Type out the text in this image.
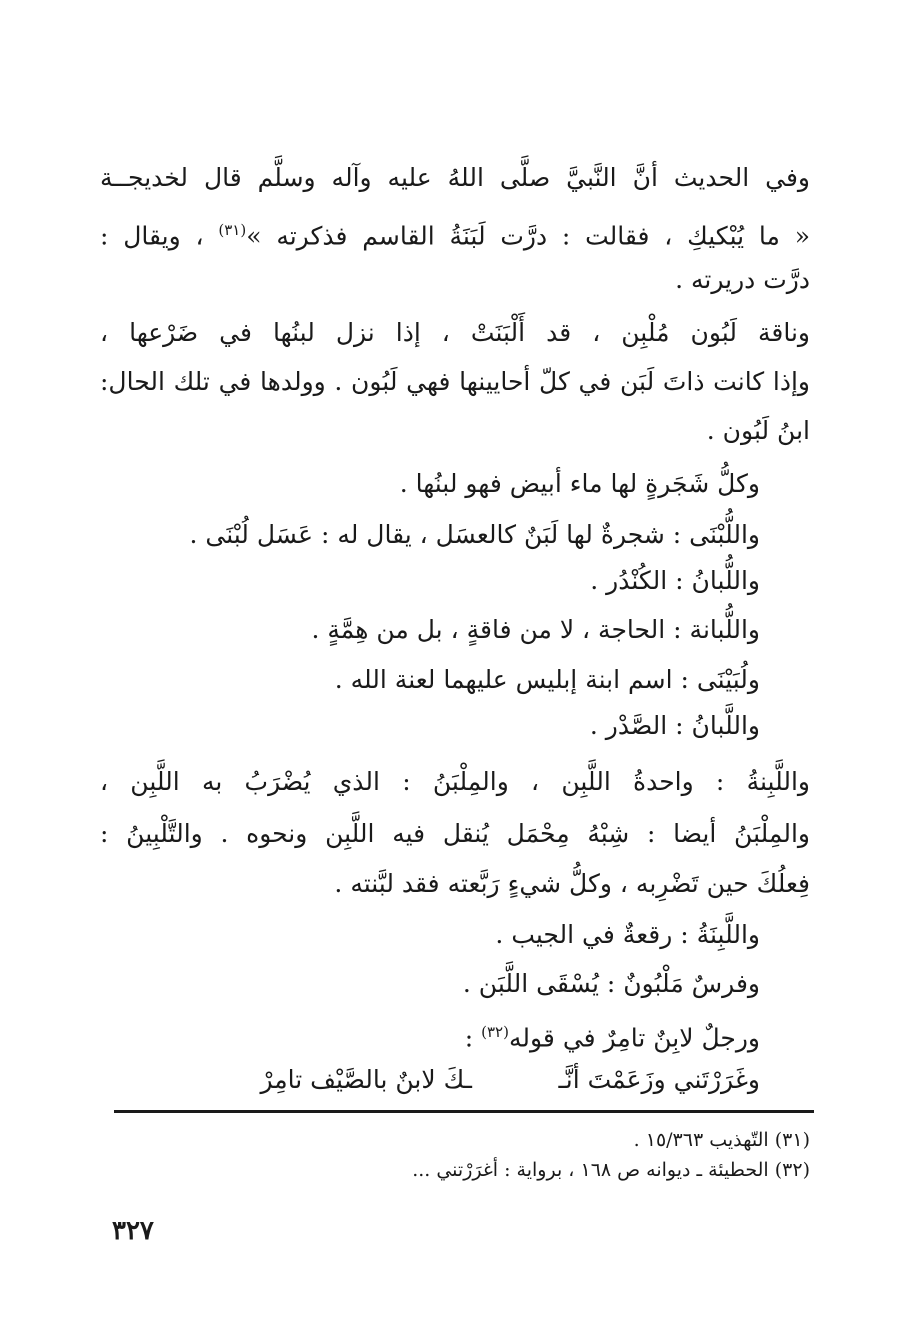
وفي الحديث أنَّ النَّبيَّ صلَّى اللهُ عليه وآله وسلَّم قال لخديجــة
« ما يُبْكيكِ ، فقالت : درَّت لَبَنَةُ القاسم فذكرته »$^{(٣١)}$ ، ويقال :
درَّت دريرته .
وناقة لَبُون مُلْبِن ، قد أَلْبَنَتْ ، إذا نزل لبنُها في ضَرْعها ،
وإذا كانت ذاتَ لَبَن في كلّ أحايينها فهي لَبُون . وولدها في تلك الحال:
ابنُ لَبُون .
وكلُّ شَجَرةٍ لها ماء أبيض فهو لبنُها .
واللُّبْنَى : شجرةٌ لها لَبَنٌ كالعسَل ، يقال له : عَسَل لُبْنَى .
واللُّبانُ : الكُنْدُر .
واللُّبانة : الحاجة ، لا من فاقةٍ ، بل من هِمَّةٍ .
ولُبَيْنَى : اسم ابنة إبليس عليهما لعنة الله .
واللَّبانُ : الصَّدْر .
واللَّبِنةُ : واحدةُ اللَّبِن ، والمِلْبَنُ : الذي يُضْرَبُ به اللَّبِن ،
والمِلْبَنُ أيضا : شِبْهُ مِحْمَل يُنقل فيه اللَّبِن ونحوه . والتَّلْبِينُ :
فِعلُكَ حين تَضْرِبه ، وكلُّ شيءٍ رَبَّعته فقد لبَّنته .
واللَّبِنَةُ : رقعةٌ في الجيب .
وفرسٌ مَلْبُونٌ : يُسْقَى اللَّبَن .
ورجلٌ لابِنٌ تامِرٌ في قوله$^{(٣٢)}$ :
وغَرَرْتَني وزَعَمْتَ أنَّـ
ـكَ لابنٌ بالصَّيْف تامِرْ
(٣١) التّهذيب ١٥/٣٦٣ .
(٣٢) الحطيئة ـ ديوانه ص ١٦٨ ، برواية : أغرَرْتني ...
٣٢٧
